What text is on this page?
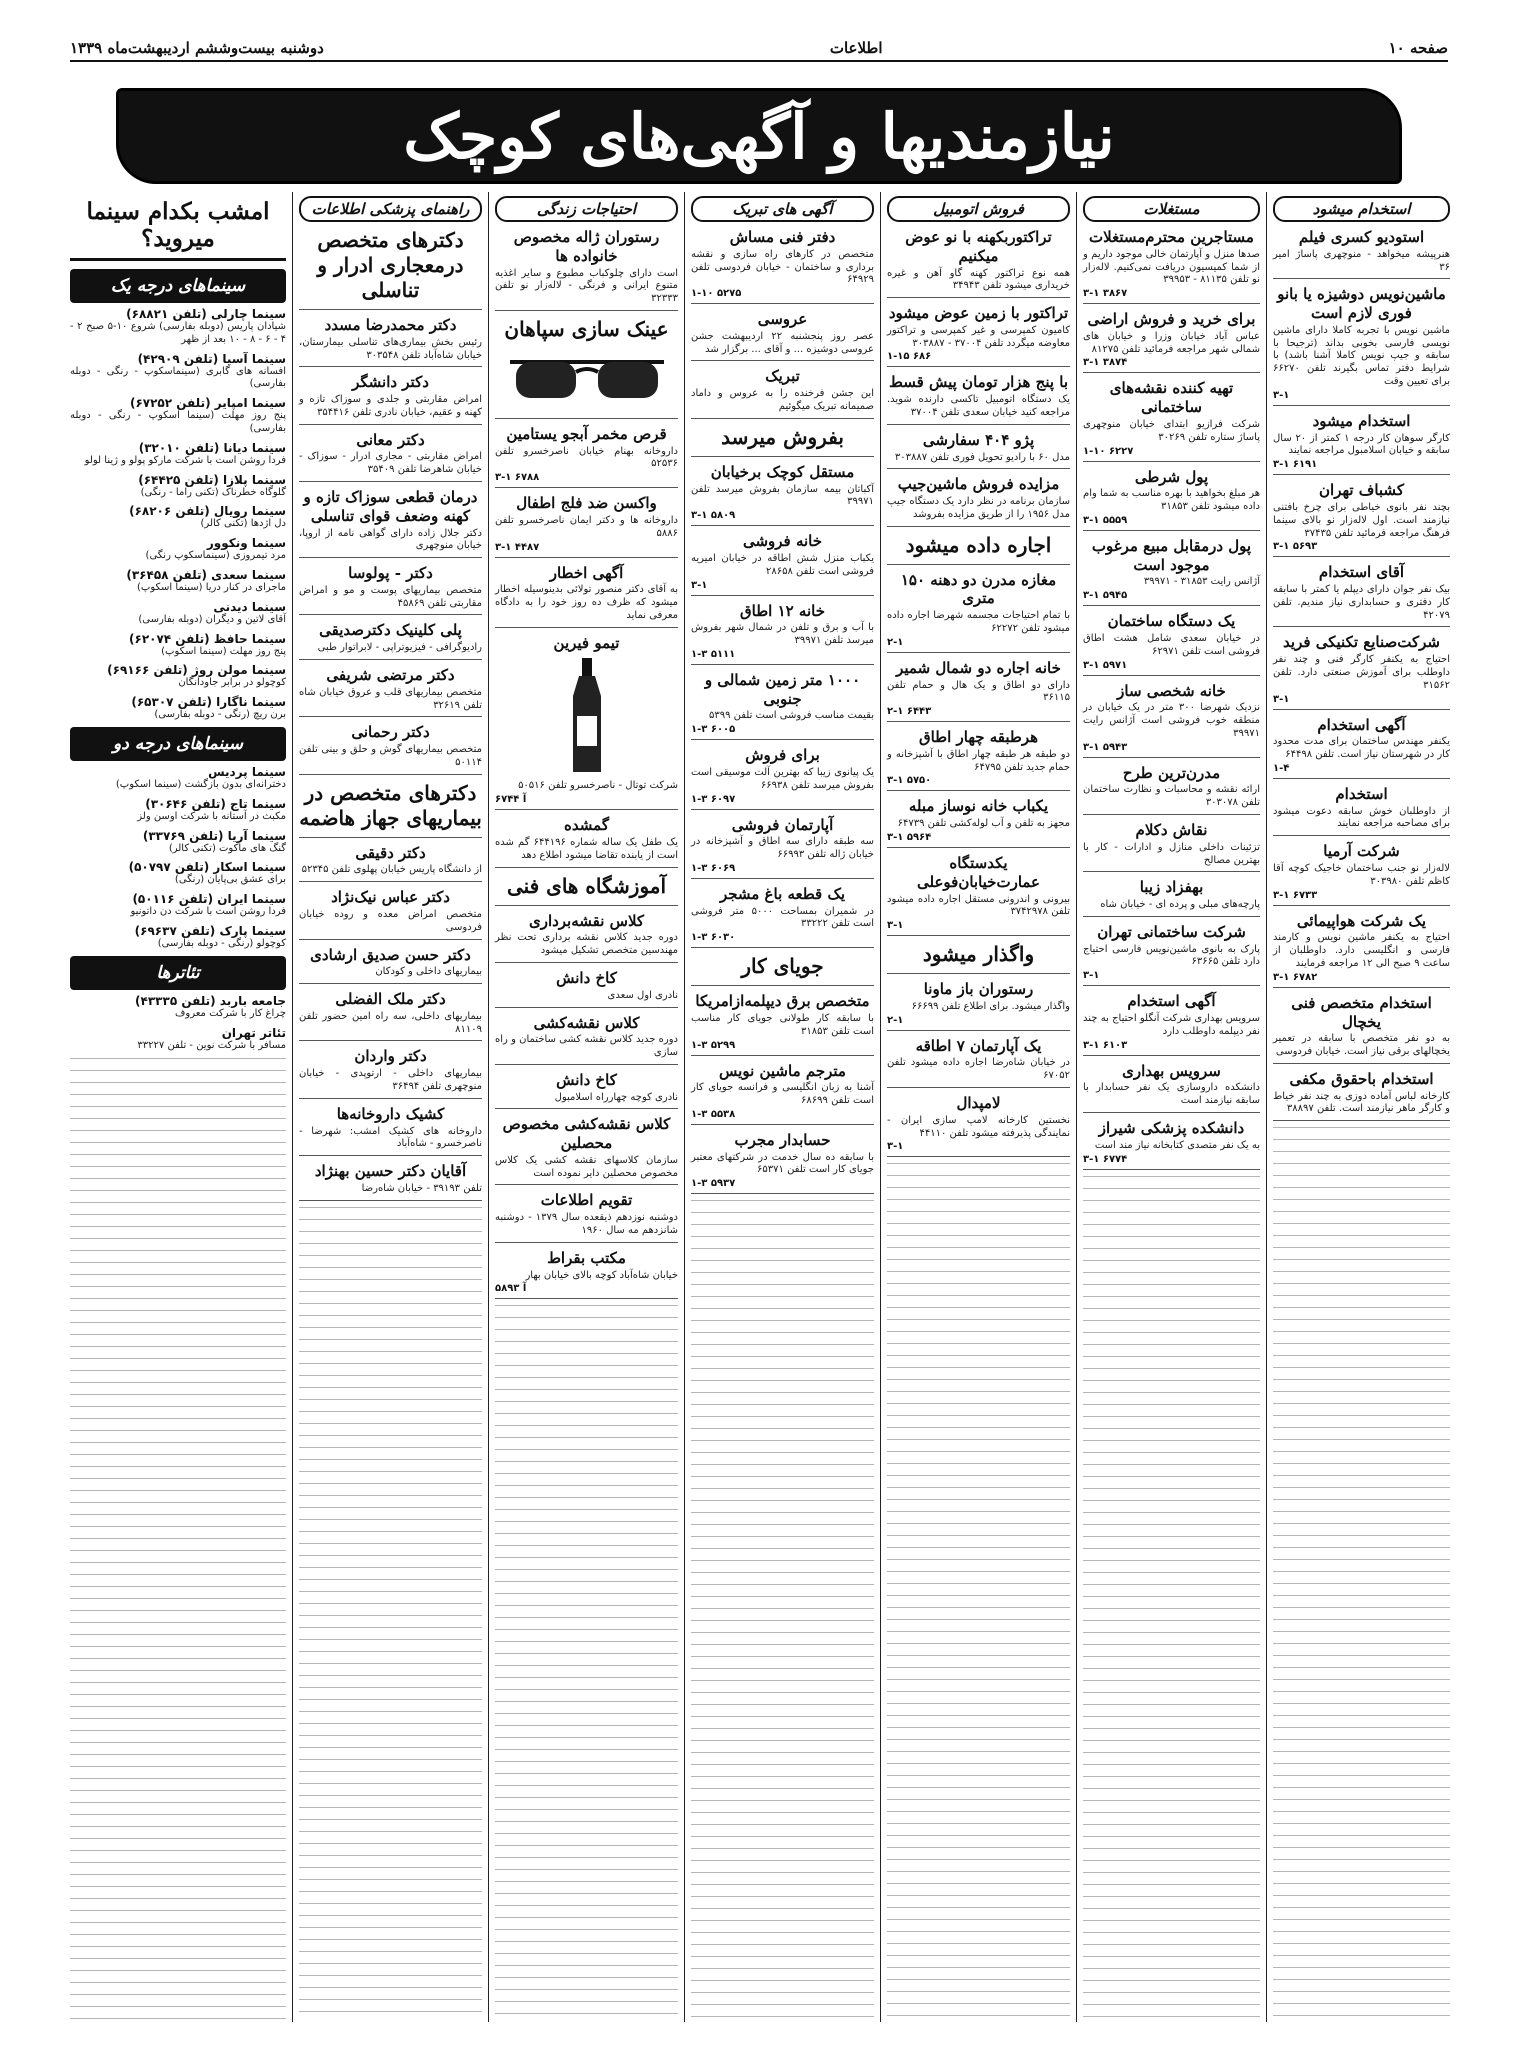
صفحه ۱۰
اطلاعات
دوشنبه بیست‌وششم اردیبهشت‌ماه ۱۳۳۹
نیازمندیها و آگهی‌های کوچک
استخدام میشود
استودیو کسری فیلم
هنرپیشه میخواهد - منوچهری پاساژ امیر ۳۶
ماشین‌نویس دوشیزه یا بانو فوری لازم است
ماشین نویس با تجربه کاملا دارای ماشین نویسی فارسی بخوبی بداند (ترجیحا با سابقه و جیپ نویس کاملا آشنا باشد) با شرایط دفتر تماس بگیرند تلفن ۶۶۲۷۰ برای تعیین وقت
۳-۱
استخدام میشود
کارگر سوهان کار درجه ۱ کمتر از ۲۰ سال سابقه و خیابان اسلامبول مراجعه نمایند
۳-۱ ۶۱۹۱
کشباف تهران
بچند نفر بانوی خیاطی برای چرخ بافتنی نیازمند است. اول لاله‌زار نو بالای سینما فرهنگ مراجعه فرمائید تلفن ۳۷۴۳۵
۳-۱ ۵۶۹۳
آقای استخدام
بیک نفر جوان دارای دیپلم یا کمتر با سابقه کار دفتری و حسابداری نیاز مندیم. تلفن ۴۲۰۷۹
شرکت‌صنایع تکنیکی فرید
احتیاج به یکنفر کارگر فنی و چند نفر داوطلب برای آموزش صنعتی دارد. تلفن ۳۱۵۶۲
۳-۱
آگهی استخدام
یکنفر مهندس ساختمان برای مدت محدود کار در شهرستان نیاز است. تلفن ۶۴۴۹۸
۱-۴
استخدام
از داوطلبان خوش سابقه دعوت میشود برای مصاحبه مراجعه نمایند
شرکت آرمیا
لاله‌زار نو جنب ساختمان خاجیک کوچه آقا کاظم تلفن ۳۰۳۹۸۰
۳-۱ ۶۷۳۳
یک شرکت هواپیمائی
احتیاج به یکنفر ماشین نویس و کارمند فارسی و انگلیسی دارد. داوطلبان از ساعت ۹ صبح الی ۱۲ مراجعه فرمایند
۳-۱ ۶۷۸۲
استخدام متخصص فنی یخچال
به دو نفر متخصص با سابقه در تعمیر یخچالهای برقی نیاز است. خیابان فردوسی
استخدام باحقوق مکفی
کارخانه لباس آماده دوزی به چند نفر خیاط و کارگر ماهر نیازمند است. تلفن ۳۸۸۹۷
مستغلات
مستاجرین محترم‌مستغلات
صدها منزل و آپارتمان خالی موجود داریم و از شما کمیسیون دریافت نمی‌کنیم. لاله‌زار نو تلفن ۸۱۱۳۵ - ۳۹۹۵۳
۳-۱ ۳۸۶۷
برای خرید و فروش اراضی
عباس آباد خیابان وزرا و خیابان های شمالی شهر مراجعه فرمائید تلفن ۸۱۲۷۵
۳-۱ ۳۸۷۴
تهیه کننده نقشه‌های ساختمانی
شرکت فرازیو ابتدای خیابان منوچهری پاساژ ستاره تلفن ۳۰۲۶۹
۱-۱۰ ۶۲۲۷
پول شرطی
هر مبلغ بخواهید با بهره مناسب به شما وام داده میشود تلفن ۳۱۸۵۳
۳-۱ ۵۵۵۹
پول درمقابل مبیع مرغوب موجود است
آژانس رایت ۳۱۸۵۳ - ۳۹۹۷۱
۳-۱ ۵۹۴۵
یک دستگاه ساختمان
در خیابان سعدی شامل هشت اطاق فروشی است تلفن ۶۲۹۷۱
۳-۱ ۵۹۷۱
خانه شخصی ساز
نزدیک شهرضا ۳۰۰ متر در یک خیابان در منطقه خوب فروشی است آژانس رایت ۳۹۹۷۱
۳-۱ ۵۹۴۳
مدرن‌ترین طرح
ارائه نقشه و محاسبات و نظارت ساختمان تلفن ۳۰۳۰۷۸
نقاش دکلام
تزئینات داخلی منازل و ادارات - کار با بهترین مصالح
بهفزاد زیبا
پارچه‌های مبلی و پرده ای - خیابان شاه
شرکت ساختمانی تهران
پارک به بانوی ماشین‌نویس فارسی احتیاج دارد تلفن ۶۳۶۶۵
۳-۱
آگهی استخدام
سرویس بهداری شرکت آنگلو احتیاج به چند نفر دیپلمه داوطلب دارد
۳-۱ ۶۱۰۳
سرویس بهداری
دانشکده داروسازی یک نفر حسابدار با سابقه نیازمند است
دانشکده پزشکی شیراز
به یک نفر متصدی کتابخانه نیاز مند است
۳-۱ ۶۷۷۴
فروش اتومبیل
تراکتوربکهنه با نو عوض میکنیم
همه نوع تراکتور کهنه گاو آهن و غیره خریداری میشود تلفن ۳۴۹۴۳
تراکتور با زمین عوض میشود
کامیون کمپرسی و غیر کمپرسی و تراکتور معاوضه میگردد تلفن ۳۷۰۰۴ - ۳۰۳۸۸۷
۱-۱۵ ۶۸۶
با پنج هزار تومان پیش قسط
یک دستگاه اتومبیل تاکسی دارنده شوید. مراجعه کنید خیابان سعدی تلفن ۳۷۰۰۴
پژو ۴۰۴ سفارشی
مدل ۶۰ با رادیو تحویل فوری تلفن ۳۰۳۸۸۷
مزایده فروش ماشین‌جیپ
سازمان برنامه در نظر دارد یک دستگاه جیپ مدل ۱۹۵۶ را از طریق مزایده بفروشد
اجاره داده میشود
مغازه مدرن دو دهنه ۱۵۰ متری
با تمام احتیاجات مجسمه شهرضا اجاره داده میشود تلفن ۶۲۲۷۲
۲-۱
خانه اجاره دو شمال شمیر
دارای دو اطاق و یک هال و حمام تلفن ۳۶۱۱۵
۲-۱ ۶۴۴۳
هرطبقه چهار اطاق
دو طبقه هر طبقه چهار اطاق با آشپزخانه و حمام جدید تلفن ۶۴۷۹۵
۳-۱ ۵۷۵۰
یکباب خانه نوساز مبله
مجهز به تلفن و آب لوله‌کشی تلفن ۶۴۷۳۹
۳-۱ ۵۹۶۴
یکدستگاه عمارت‌خیابان‌فوعلی
بیرونی و اندرونی مستقل اجاره داده میشود تلفن ۳۷۴۲۹۷۸
۳-۱
واگذار میشود
رستوران باز ماونا
واگذار میشود. برای اطلاع تلفن ۶۶۶۹۹
۲-۱
یک آپارتمان ۷ اطاقه
در خیابان شاه‌رضا اجاره داده میشود تلفن ۶۷۰۵۲
لامپدال
نخستین کارخانه لامپ سازی ایران - نمایندگی پذیرفته میشود تلفن ۴۴۱۱۰
۳-۱
آگهی های تبریک
دفتر فنی مساش
متخصص در کارهای راه سازی و نقشه برداری و ساختمان - خیابان فردوسی تلفن ۶۴۹۲۹
۱-۱۰ ۵۲۷۵
عروسی
عصر روز پنجشنبه ۲۲ اردیبهشت جشن عروسی دوشیزه ... و آقای ... برگزار شد
تبریک
این جشن فرخنده را به عروس و داماد صمیمانه تبریک میگوئیم
بفروش میرسد
مستقل کوچک برخیابان
آکباتان بیمه سازمان بفروش میرسد تلفن ۳۹۹۷۱
۳-۱ ۵۸۰۹
خانه فروشی
یکباب منزل شش اطاقه در خیابان امیریه فروشی است تلفن ۲۸۶۵۸
۳-۱
خانه ۱۲ اطاق
با آب و برق و تلفن در شمال شهر بفروش میرسد تلفن ۳۹۹۷۱
۱-۳ ۵۱۱۱
۱۰۰۰ متر زمین شمالی و جنوبی
بقیمت مناسب فروشی است تلفن ۵۳۹۹
۱-۳ ۶۰۰۵
برای فروش
یک پیانوی زیبا که بهترین آلت موسیقی است بفروش میرسد تلفن ۶۶۹۳۸
۱-۳ ۶۰۹۷
آپارتمان فروشی
سه طبقه دارای سه اطاق و آشپزخانه در خیابان ژاله تلفن ۶۶۹۹۳
۱-۳ ۶۰۶۹
یک قطعه باغ مشجر
در شمیران بمساحت ۵۰۰۰ متر فروشی است تلفن ۳۳۲۲۲
۱-۳ ۶۰۳۰
جویای کار
متخصص برق دیپلمه‌ازامریکا
با سابقه کار طولانی جویای کار مناسب است تلفن ۳۱۸۵۳
۱-۳ ۵۲۹۹
مترجم ماشین نویس
آشنا به زبان انگلیسی و فرانسه جویای کار است تلفن ۶۸۶۹۹
۱-۳ ۵۵۳۸
حسابدار مجرب
با سابقه ده سال خدمت در شرکتهای معتبر جویای کار است تلفن ۶۵۳۷۱
۱-۳ ۵۹۳۷
احتیاجات زندگی
رستوران ژاله مخصوص خانواده ها
است دارای چلوکباب مطبوع و سایر اغذیه متنوع ایرانی و فرنگی - لاله‌زار نو تلفن ۳۲۳۳۳
عینک سازی سپاهان
قرص مخمر آبجو یستامین
داروخانه بهنام خیابان ناصرخسرو تلفن ۵۲۵۳۶
۳-۱ ۶۷۸۸
واکسن ضد فلج اطفال
داروخانه ها و دکتر ایمان ناصرخسرو تلفن ۵۸۸۶
۳-۱ ۴۴۸۷
آگهی اخطار
به آقای دکتر منصور تولائی بدینوسیله اخطار میشود که ظرف ده روز خود را به دادگاه معرفی نماید
تیمو فیرین
شرکت توتال - ناصرخسرو تلفن ۵۰۵۱۶
آ ۶۷۴۴
گمشده
یک طفل یک ساله شماره ۶۴۴۱۹۶ گم شده است از یابنده تقاضا میشود اطلاع دهد
آموزشگاه های فنی
کلاس نقشه‌برداری
دوره جدید کلاس نقشه برداری تحت نظر مهندسین متخصص تشکیل میشود
کاخ دانش
نادری اول سعدی
کلاس نقشه‌کشی
دوره جدید کلاس نقشه کشی ساختمان و راه سازی
کاخ دانش
نادری کوچه چهارراه اسلامبول
کلاس نقشه‌کشی مخصوص محصلین
سازمان کلاسهای نقشه کشی یک کلاس مخصوص محصلین دایر نموده است
تقویم اطلاعات
دوشنبه نوزدهم ذیقعده سال ۱۳۷۹ - دوشنبه شانزدهم مه سال ۱۹۶۰
مکتب بقراط
خیابان شاه‌آباد کوچه بالای خیابان بهار
آ ۵۸۹۳
راهنمای پزشکی اطلاعات
دکترهای متخصص درمعجاری ادرار و تناسلی
دکتر محمدرضا مسدد
رئیس بخش بیماری‌های تناسلی بیمارستان، خیابان شاه‌آباد تلفن ۳۰۳۵۴۸
دکتر دانشگر
امراض مقاربتی و جلدی و سوزاک تازه و کهنه و عقیم، خیابان نادری تلفن ۳۵۴۴۱۶
دکتر معانی
امراض مقاربتی - مجاری ادرار - سوزاک - خیابان شاهرضا تلفن ۳۵۴۰۹
درمان قطعی سوزاک تازه و کهنه وضعف قوای تناسلی
دکتر جلال زاده دارای گواهی نامه از اروپا، خیابان منوچهری
دکتر - پولوسا
متخصص بیماریهای پوست و مو و امراض مقاربتی تلفن ۴۵۸۶۹
پلی کلینیک دکترصدیقی
رادیوگرافی - فیزیوتراپی - لابراتوار طبی
دکتر مرتضی شریفی
متخصص بیماریهای قلب و عروق خیابان شاه تلفن ۳۲۶۱۹
دکتر رحمانی
متخصص بیماریهای گوش و حلق و بینی تلفن ۵۰۱۱۴
دکترهای متخصص در بیماریهای جهاز هاضمه
دکتر دقیقی
از دانشگاه پاریس خیابان پهلوی تلفن ۵۲۳۴۵
دکتر عباس نیک‌نژاد
متخصص امراض معده و روده خیابان فردوسی
دکتر حسن صدیق ارشادی
بیماریهای داخلی و کودکان
دکتر ملک الفضلی
بیماریهای داخلی، سه راه امین حضور تلفن ۸۱۱۰۹
دکتر واردان
بیماریهای داخلی - ارتوپدی - خیابان منوچهری تلفن ۳۶۴۹۴
کشیک داروخانه‌ها
داروخانه های کشیک امشب: شهرضا - ناصرخسرو - شاه‌آباد
آقایان دکتر حسین بهنژاد
تلفن ۳۹۱۹۳ - خیابان شاه‌رضا
امشب بکدام سینما میروید؟
سینماهای درجه یک
سینما چارلی (تلفن ۶۸۸۲۱)
شیادان پاریس (دوبله بفارسی) شروع ۱۰-۵ صبح ۲ - ۴ - ۶ - ۸ - ۱۰ بعد از ظهر
سینما آسیا (تلفن ۴۲۹۰۹)
افسانه های گابری (سینماسکوپ - رنگی - دوبله بفارسی)
سینما امپایر (تلفن ۶۷۲۵۲)
پنج روز مهلت (سینما اسکوپ - رنگی - دوبله بفارسی)
سینما دیانا (تلفن ۳۲۰۱۰)
فردا روشن است با شرکت مارکو پولو و ژینا لولو
سینما پلازا (تلفن ۶۴۴۲۵)
گلوگاه خطرناک (تکنی راما - رنگی)
سینما رویال (تلفن ۶۸۲۰۶)
دل اژدها (تکنی کالر)
سینما ونکوور
مرد تیمروزی (سینماسکوپ رنگی)
سینما سعدی (تلفن ۳۶۴۵۸)
ماجرای در کنار دریا (سینما اسکوپ)
سینما دیدنی
آقای لاتین و دیگران (دوبله بفارسی)
سینما حافظ (تلفن ۶۲۰۷۴)
پنج روز مهلت (سینما اسکوپ)
سینما مولن روژ (تلفن ۶۹۱۶۶)
کوچولو در برابر جاودانگان
سینما ناگارا (تلفن ۶۵۳۰۷)
برن ریچ (رنگی - دوبله بفارسی)
سینماهای درجه دو
سینما پردیس
دخترانه‌ای بدون بازگشت (سینما اسکوپ)
سینما تاج (تلفن ۳۰۶۴۶)
مکبث در آستانه با شرکت اوسن ولز
سینما آریا (تلفن ۳۳۷۶۹)
گنگ های ماکوت (تکنی کالر)
سینما اسکار (تلفن ۵۰۷۹۷)
برای عشق بی‌پایان (رنگی)
سینما ایران (تلفن ۵۰۱۱۶)
فردا روشن است با شرکت دن داتونیو
سینما پارک (تلفن ۶۹۶۳۷)
کوچولو (رنگی - دوبله بفارسی)
تئاترها
جامعه باربد (تلفن ۴۳۳۳۵)
چراغ کار با شرکت معروف
تئاتر تهران
مسافر با شرکت نوین - تلفن ۳۳۲۲۷
